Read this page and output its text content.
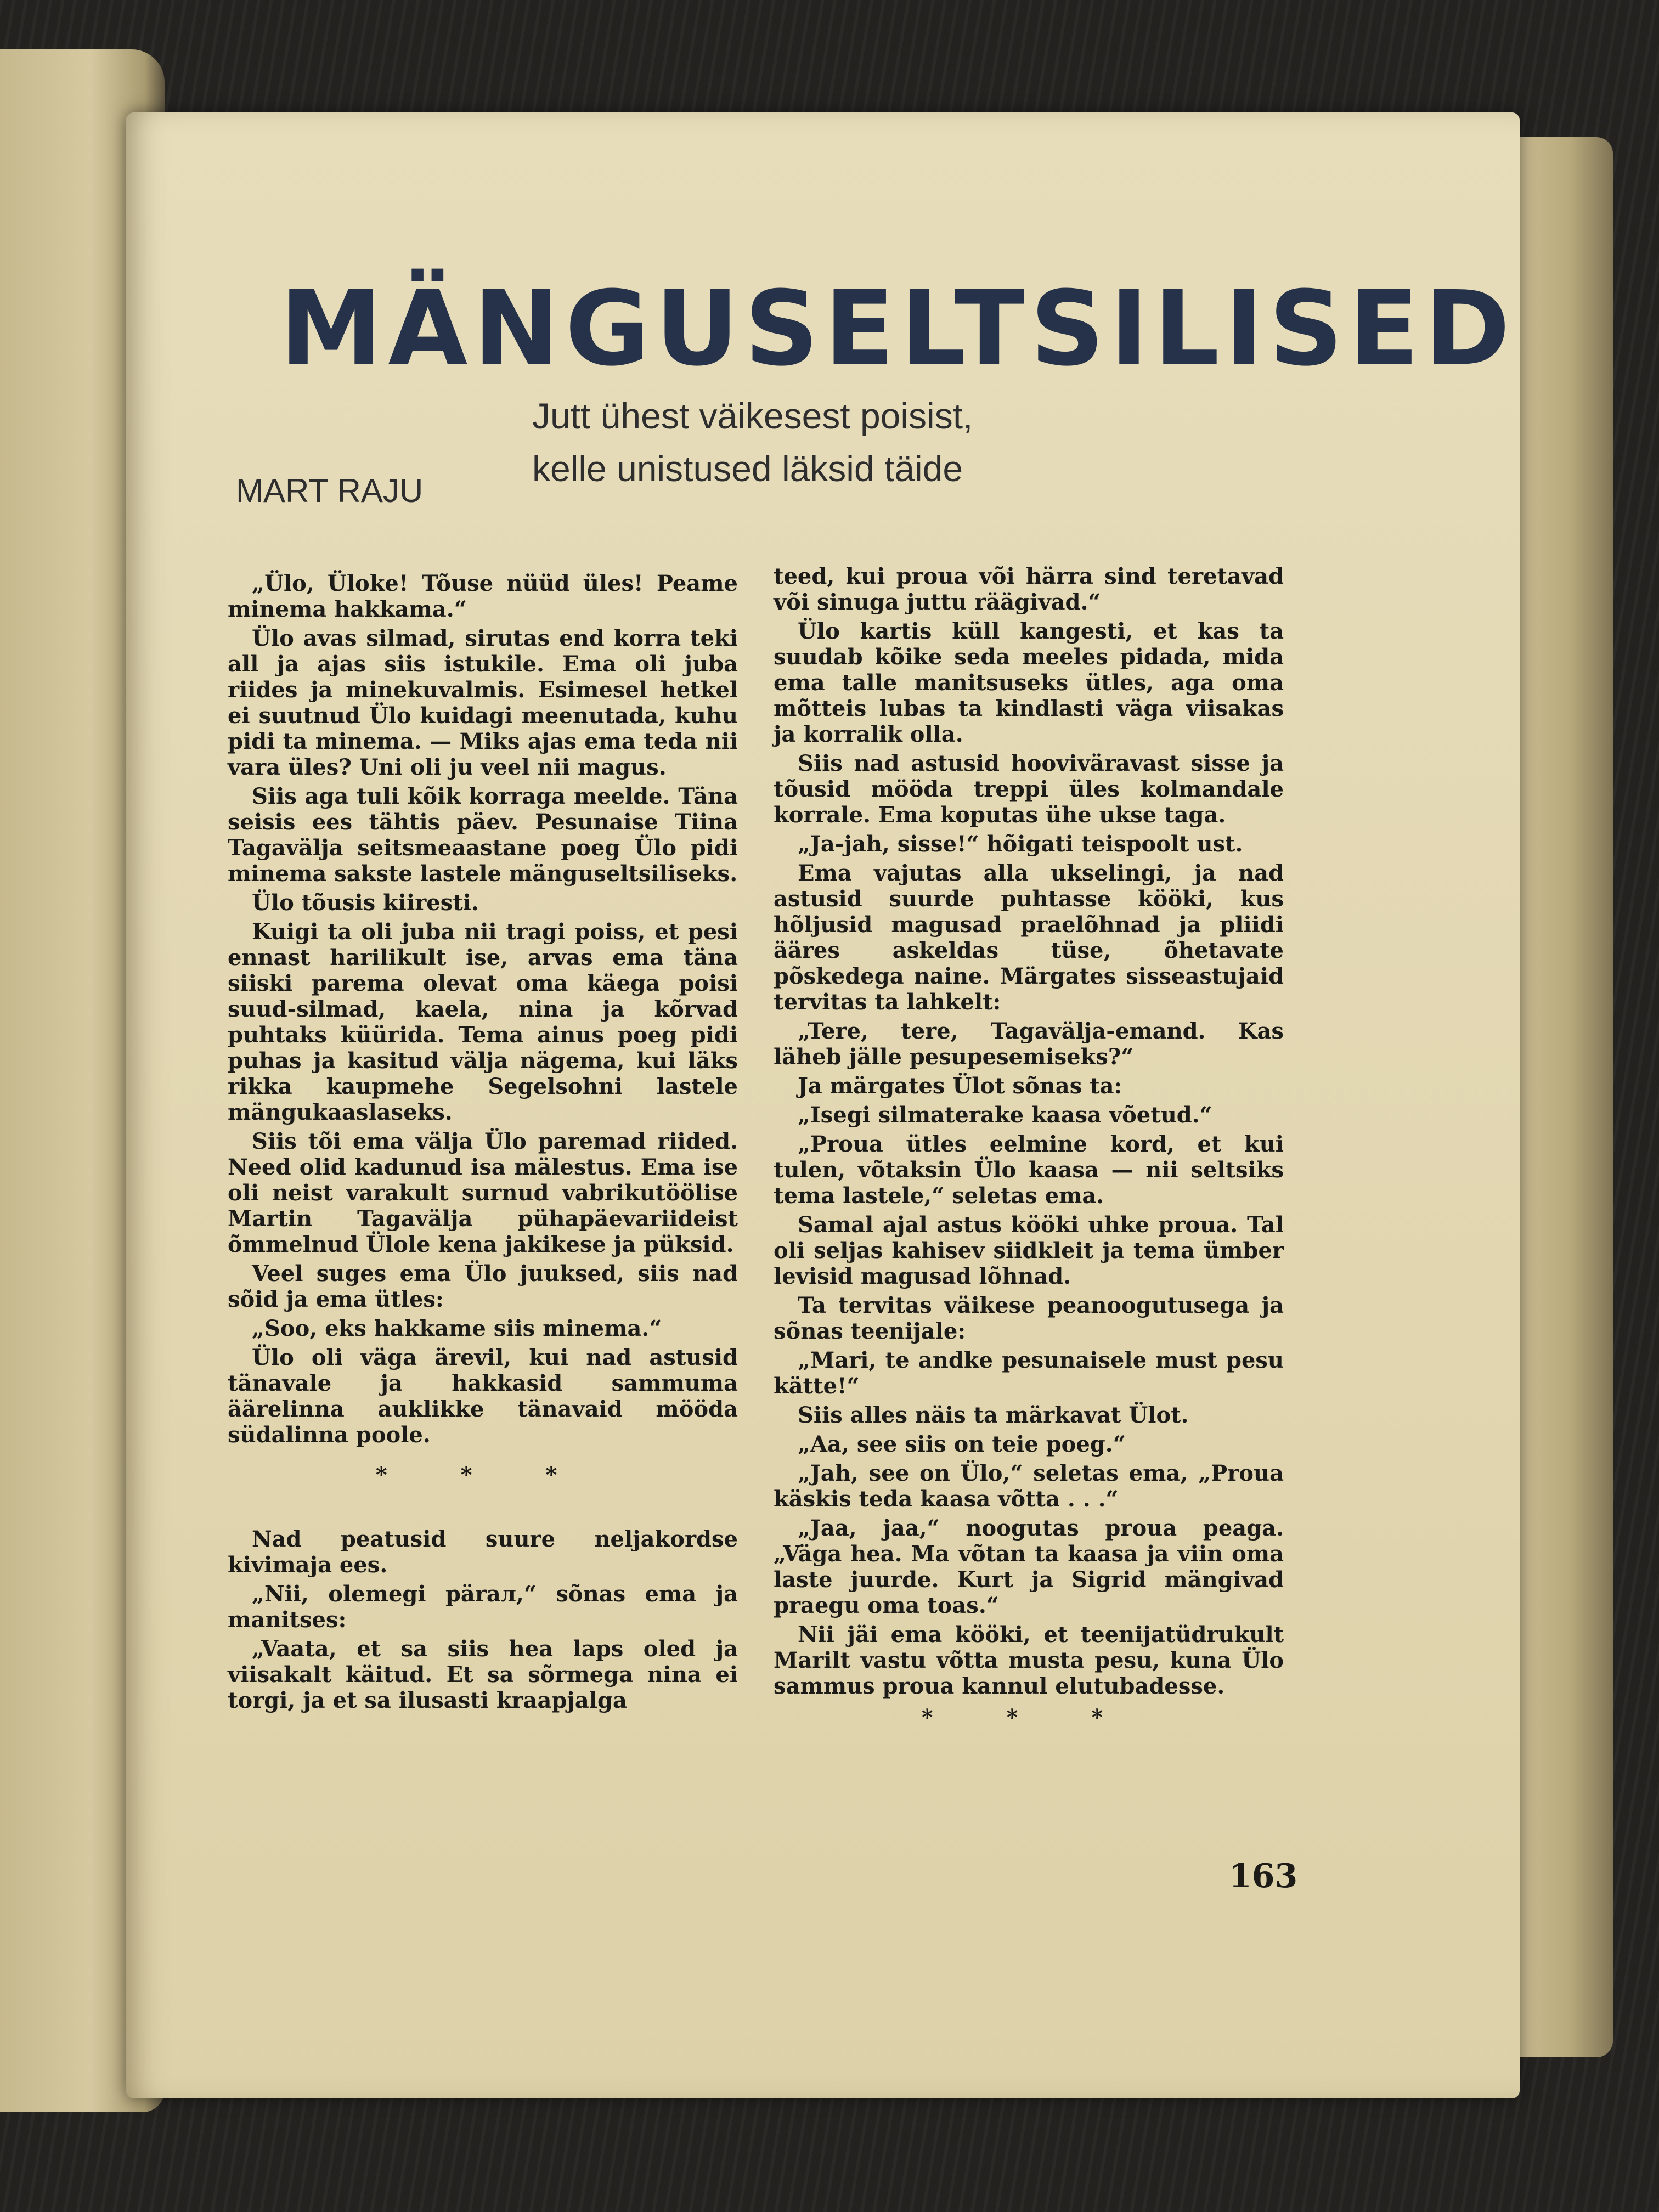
MÄNGUSELTSILISED
Jutt ühest väikesest poisist,
kelle unistused läksid täide
MART RAJU

„Ülo, Üloke! Tõuse nüüd üles! Peame minema hakkama.“

Ülo avas silmad, sirutas end korra teki all ja ajas siis istukile. Ema oli juba riides ja minekuvalmis. Esimesel hetkel ei suutnud Ülo kuidagi meenutada, kuhu pidi ta minema. — Miks ajas ema teda nii vara üles? Uni oli ju veel nii magus.

Siis aga tuli kõik korraga meelde. Täna seisis ees tähtis päev. Pesunaise Tiina Tagavälja seitsmeaastane poeg Ülo pidi minema sakste lastele mänguseltsiliseks.

Ülo tõusis kiiresti.

Kuigi ta oli juba nii tragi poiss, et pesi ennast harilikult ise, arvas ema täna siiski parema olevat oma käega poisi suud-silmad, kaela, nina ja kõrvad puhtaks küürida. Tema ainus poeg pidi puhas ja kasitud välja nägema, kui läks rikka kaupmehe Segelsohni lastele mängukaaslaseks.

Siis tõi ema välja Ülo paremad riided. Need olid kadunud isa mälestus. Ema ise oli neist varakult surnud vabrikutöölise Martin Tagavälja pühapäevariideist õmmelnud Ülole kena jakikese ja püksid.

Veel suges ema Ülo juuksed, siis nad sõid ja ema ütles:

„Soo, eks hakkame siis minema.“

Ülo oli väga ärevil, kui nad astusid tänavale ja hakkasid sammuma äärelinna auklikke tänavaid mööda südalinna poole.

* * *

Nad peatusid suure neljakordse kivimaja ees.

„Nii, olemegi pärал,“ sõnas ema ja manitses:

„Vaata, et sa siis hea laps oled ja viisakalt käitud. Et sa sõrmega nina ei torgi, ja et sa ilusasti kraapjalga

teed, kui proua või härra sind teretavad või sinuga juttu räägivad.“

Ülo kartis küll kangesti, et kas ta suudab kõike seda meeles pidada, mida ema talle manitsuseks ütles, aga oma mõtteis lubas ta kindlasti väga viisakas ja korralik olla.

Siis nad astusid hooviväravast sisse ja tõusid mööda treppi üles kolmandale korrale. Ema koputas ühe ukse taga.

„Ja-jah, sisse!“ hõigati teispoolt ust.

Ema vajutas alla ukselingi, ja nad astusid suurde puhtasse kööki, kus hõljusid magusad praelõhnad ja pliidi ääres askeldas tüse, õhetavate põskedega naine. Märgates sisseastujaid tervitas ta lahkelt:

„Tere, tere, Tagavälja-emand. Kas läheb jälle pesupesemiseks?“

Ja märgates Ülot sõnas ta:

„Isegi silmaterake kaasa võetud.“

„Proua ütles eelmine kord, et kui tulen, võtaksin Ülo kaasa — nii seltsiks tema lastele,“ seletas ema.

Samal ajal astus kööki uhke proua. Tal oli seljas kahisev siidkleit ja tema ümber levisid magusad lõhnad.

Ta tervitas väikese peanoogutusega ja sõnas teenijale:

„Mari, te andke pesunaisele must pesu kätte!“

Siis alles näis ta märkavat Ülot.

„Aa, see siis on teie poeg.“

„Jah, see on Ülo,“ seletas ema, „Proua käskis teda kaasa võtta . . .“

„Jaa, jaa,“ noogutas proua peaga. „Väga hea. Ma võtan ta kaasa ja viin oma laste juurde. Kurt ja Sigrid mängivad praegu oma toas.“

Nii jäi ema kööki, et teenijatüdrukult Marilt vastu võtta musta pesu, kuna Ülo sammus proua kannul elutubadesse.

* * *
163
